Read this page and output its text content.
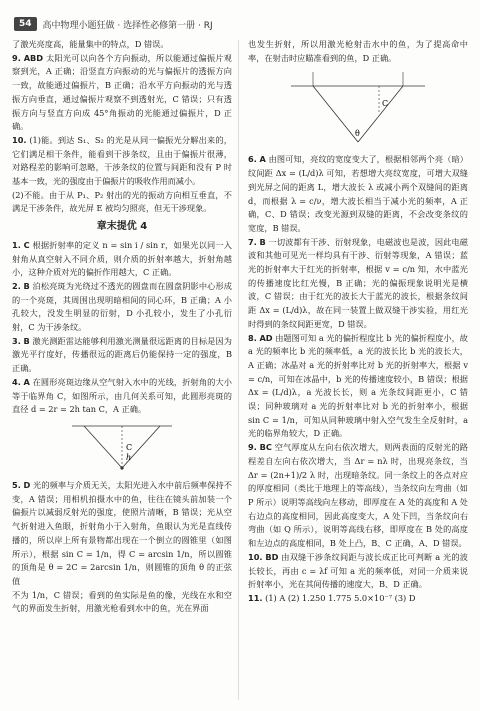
54	高中物理小题狂做 · 选择性必修第一册 · RJ

了激光亮度高，能量集中的特点，D 错误。

9. ABD 太阳光可以向各个方向振动，所以能通过偏振片观察到光，A 正确；沿竖直方向振动的光与偏振片的透振方向一致，故能通过偏振片，B 正确；沿水平方向振动的光与透振方向垂直，通过偏振片观察不到透射光，C 错误；只有透振方向与竖直方向成 45°角振动的光能通过偏振片，D 正确。

10. (1)能。到达 S₁、S₂ 的光是从同一偏振光分解出来的，它们满足相干条件，能看到干涉条纹，且由于偏振片很薄，对路程差的影响可忽略，干涉条纹的位置与间距和没有 P 时基本一致，光的强度由于偏振片的吸收作用而减小。

(2)不能。由于从 P₁、P₂ 射出的光的振动方向相互垂直，不满足干涉条件，故光屏 E 被均匀照亮，但无干涉现象。

章末提优 4

1. C 根据折射率的定义 n = sin i / sin r，如果光以同一入射角从真空射入不同介质，则介质的折射率越大，折射角越小，这种介质对光的偏折作用越大，C 正确。

2. B 泊松亮斑为光绕过不透光的圆盘而在圆盘阴影中心形成的一个亮斑，其周围出现明暗相间的同心环，B 正确；A 小孔较大，没发生明显的衍射，D 小孔较小，发生了小孔衍射，C 为干涉条纹。

3. B 激光测距雷达能够利用激光测量很远距离的目标是因为激光平行度好，传播很远的距离后仍能保持一定的强度，B 正确。

4. A 在圆形亮斑边缘从空气射入水中的光线，折射角的大小等于临界角 C，如图所示，由几何关系可知，此圆形亮斑的直径 d = 2r = 2h tan C，A 正确。

C
h

5. D 光的频率与介质无关，太阳光进入水中前后频率保持不变，A 错误；用相机拍摄水中的鱼，往往在镜头前加装一个偏振片以减弱反射光的强度，使照片清晰，B 错误；光从空气折射进入鱼眼，折射角小于入射角，鱼眼认为光是直线传播的，所以岸上所有景物都出现在一个倒立的圆锥里（如图所示），根据 sin C = 1/n，得 C = arcsin 1/n，所以圆锥的顶角是 θ = 2C = 2arcsin 1/n，则圆锥的顶角 θ 的正弦值

不为 1/n，C 错误；看到的鱼实际是鱼的像，光线在水和空气的界面发生折射，用激光枪看到水中的鱼，光在界面

也发生折射，所以用激光枪射击水中的鱼，为了提高命中率，在射击时应瞄准看到的鱼，D 正确。

C
θ

6. A 由图可知，亮纹的宽度变大了，根据相邻两个亮（暗）纹间距 Δx = (L/d)λ 可知，若想增大亮纹宽度，可增大双缝到光屏之间的距离 L，增大波长 λ 或减小两个双缝间的距离 d，而根据 λ = c/ν，增大波长相当于减小光的频率，A 正确，C、D 错误；改变光源到双缝的距离，不会改变条纹的宽度，B 错误。

7. B 一切波都有干涉、衍射现象，电磁波也是波，因此电磁波和其他可见光一样均具有干涉、衍射等现象，A 错误；蓝光的折射率大于红光的折射率，根据 v = c/n 知，水中蓝光的传播速度比红光慢，B 正确；光的偏振现象说明光是横波，C 错误；由于红光的波长大于蓝光的波长，根据条纹间距 Δx = (L/d)λ，故在同一装置上做双缝干涉实验，用红光时得到的条纹间距更宽，D 错误。

8. AD 由题图可知 a 光的偏折程度比 b 光的偏折程度小，故 a 光的频率比 b 光的频率低，a 光的波长比 b 光的波长大，A 正确；冰晶对 a 光的折射率比对 b 光的折射率大，根据 v = c/n，可知在冰晶中，b 光的传播速度较小，B 错误；根据 Δx = (L/d)λ，a 光波长长，则 a 光条纹间距更小，C 错误；同种玻璃对 a 光的折射率比对 b 光的折射率小，根据 sin C = 1/n，可知从同种玻璃中射入空气发生全反射时，a 光的临界角较大，D 正确。

9. BC 空气厚度从左向右依次增大，则两表面的反射光的路程差自左向右依次增大，当 Δr = nλ 时，出现亮条纹，当 Δr = (2n+1)/2 λ 时，出现暗条纹。同一条纹上的各点对应的厚度相同（类比于地理上的等高线），当条纹向左弯曲（如 P 所示）说明等高线向左移动，即厚度在 A 处的高度和 A 处右边点的高度相同，因此高度变大，A 处下凹，当条纹向右弯曲（如 Q 所示），说明等高线右移，即厚度在 B 处的高度和左边点的高度相同，B 处上凸，B、C 正确，A、D 错误。

10. BD 由双缝干涉条纹间距与波长成正比可判断 a 光的波长较长，再由 c = λf 可知 a 光的频率低，对同一介质来说折射率小，光在其间传播的速度大，B、D 正确。

11. (1) A (2) 1.250 1.775 5.0×10⁻⁷ (3) D
